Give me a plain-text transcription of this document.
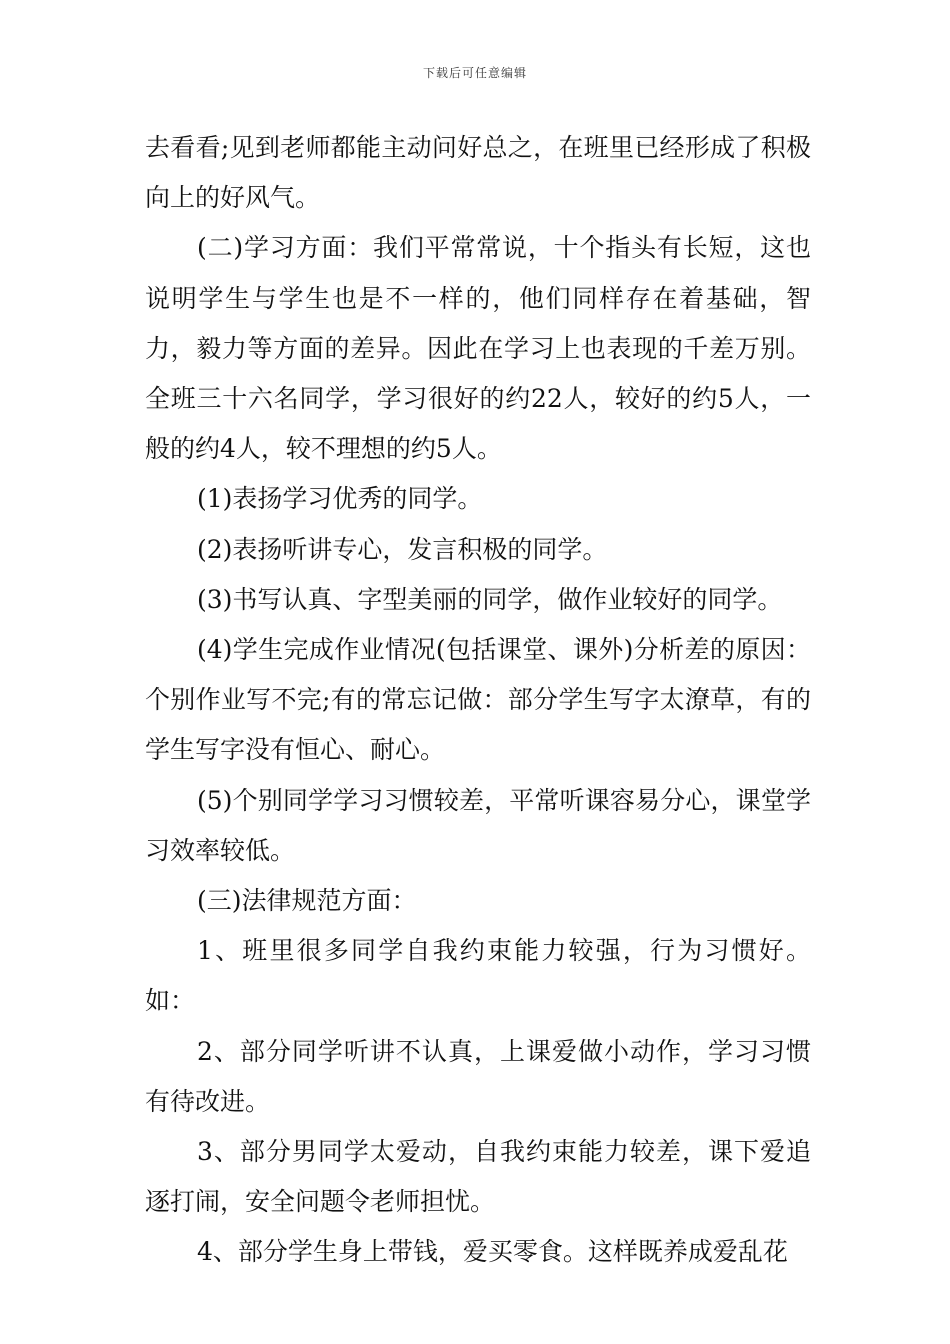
下载后可任意编辑

去看看;见到老师都能主动问好总之，在班里已经形成了积极向上的好风气。

(二)学习方面：我们平常常说，十个指头有长短，这也说明学生与学生也是不一样的，他们同样存在着基础，智力，毅力等方面的差异。因此在学习上也表现的千差万别。全班三十六名同学，学习很好的约22人，较好的约5人，一般的约4人，较不理想的约5人。

(1)表扬学习优秀的同学。

(2)表扬听讲专心，发言积极的同学。

(3)书写认真、字型美丽的同学，做作业较好的同学。

(4)学生完成作业情况(包括课堂、课外)分析差的原因：个别作业写不完;有的常忘记做：部分学生写字太潦草，有的学生写字没有恒心、耐心。

(5)个别同学学习习惯较差，平常听课容易分心，课堂学习效率较低。

(三)法律规范方面：

1、班里很多同学自我约束能力较强，行为习惯好。如：

2、部分同学听讲不认真，上课爱做小动作，学习习惯有待改进。

3、部分男同学太爱动，自我约束能力较差，课下爱追逐打闹，安全问题令老师担忧。

4、部分学生身上带钱，爱买零食。这样既养成爱乱花
